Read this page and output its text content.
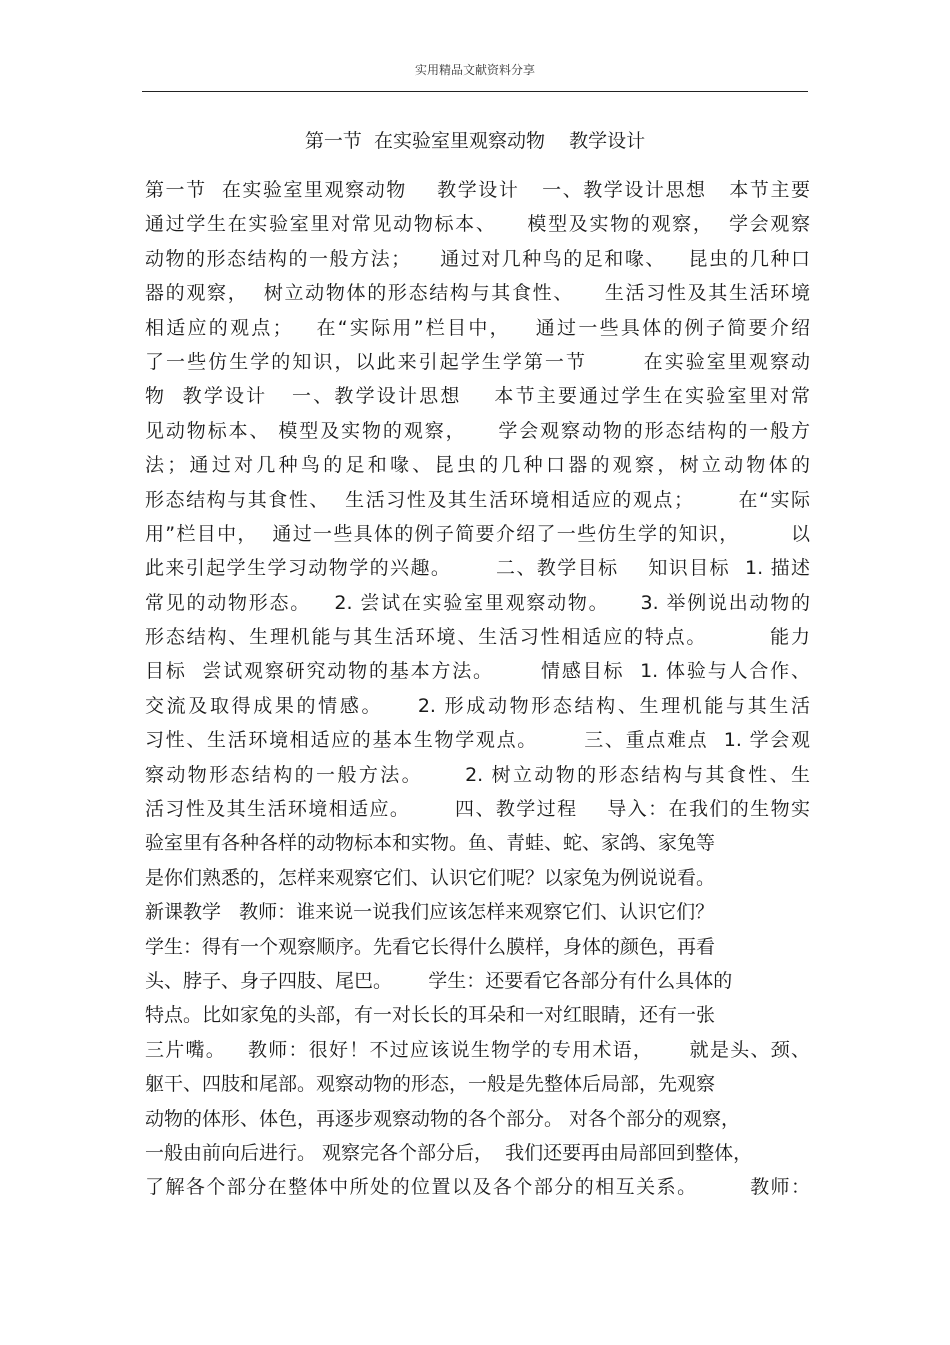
实用精品文献资料分享
第一节  在实验室里观察动物    教学设计
第一节  在实验室里观察动物    教学设计   一、教学设计思想   本节主要
通过学生在实验室里对常见动物标本、    模型及实物的观察，  学会观察
动物的形态结构的一般方法；    通过对几种鸟的足和喙、   昆虫的几种口
器的观察，  树立动物体的形态结构与其食性、    生活习性及其生活环境
相适应的观点；   在“实际用”栏目中，   通过一些具体的例子简要介绍
了一些仿生学的知识，以此来引起学生学第一节       在实验室里观察动
物  教学设计   一、教学设计思想    本节主要通过学生在实验室里对常
见动物标本、 模型及实物的观察，    学会观察动物的形态结构的一般方
法；通过对几种鸟的足和喙、昆虫的几种口器的观察，树立动物体的
形态结构与其食性、  生活习性及其生活环境相适应的观点；      在“实际
用”栏目中，  通过一些具体的例子简要介绍了一些仿生学的知识，       以
此来引起学生学习动物学的兴趣。      二、教学目标    知识目标  1. 描述
常见的动物形态。   2. 尝试在实验室里观察动物。    3. 举例说出动物的
形态结构、生理机能与其生活环境、生活习性相适应的特点。        能力
目标  尝试观察研究动物的基本方法。      情感目标  1. 体验与人合作、
交流及取得成果的情感。    2. 形成动物形态结构、生理机能与其生活
习性、生活环境相适应的基本生物学观点。      三、重点难点  1. 学会观
察动物形态结构的一般方法。     2. 树立动物的形态结构与其食性、生
活习性及其生活环境相适应。      四、教学过程    导入：在我们的生物实
验室里有各种各样的动物标本和实物。鱼、青蛙、蛇、家鸽、家兔等
是你们熟悉的，怎样来观察它们、认识它们呢？以家兔为例说说看。
新课教学   教师：谁来说一说我们应该怎样来观察它们、认识它们？
学生：得有一个观察顺序。先看它长得什么膜样，身体的颜色，再看
头、脖子、身子四肢、尾巴。      学生：还要看它各部分有什么具体的
特点。比如家兔的头部，有一对长长的耳朵和一对红眼睛，还有一张
三片嘴。   教师：很好！不过应该说生物学的专用术语，     就是头、颈、
躯干、四肢和尾部。观察动物的形态，一般是先整体后局部，先观察
动物的体形、体色，再逐步观察动物的各个部分。 对各个部分的观察，
一般由前向后进行。 观察完各个部分后，  我们还要再由局部回到整体，
了解各个部分在整体中所处的位置以及各个部分的相互关系。       教师：
